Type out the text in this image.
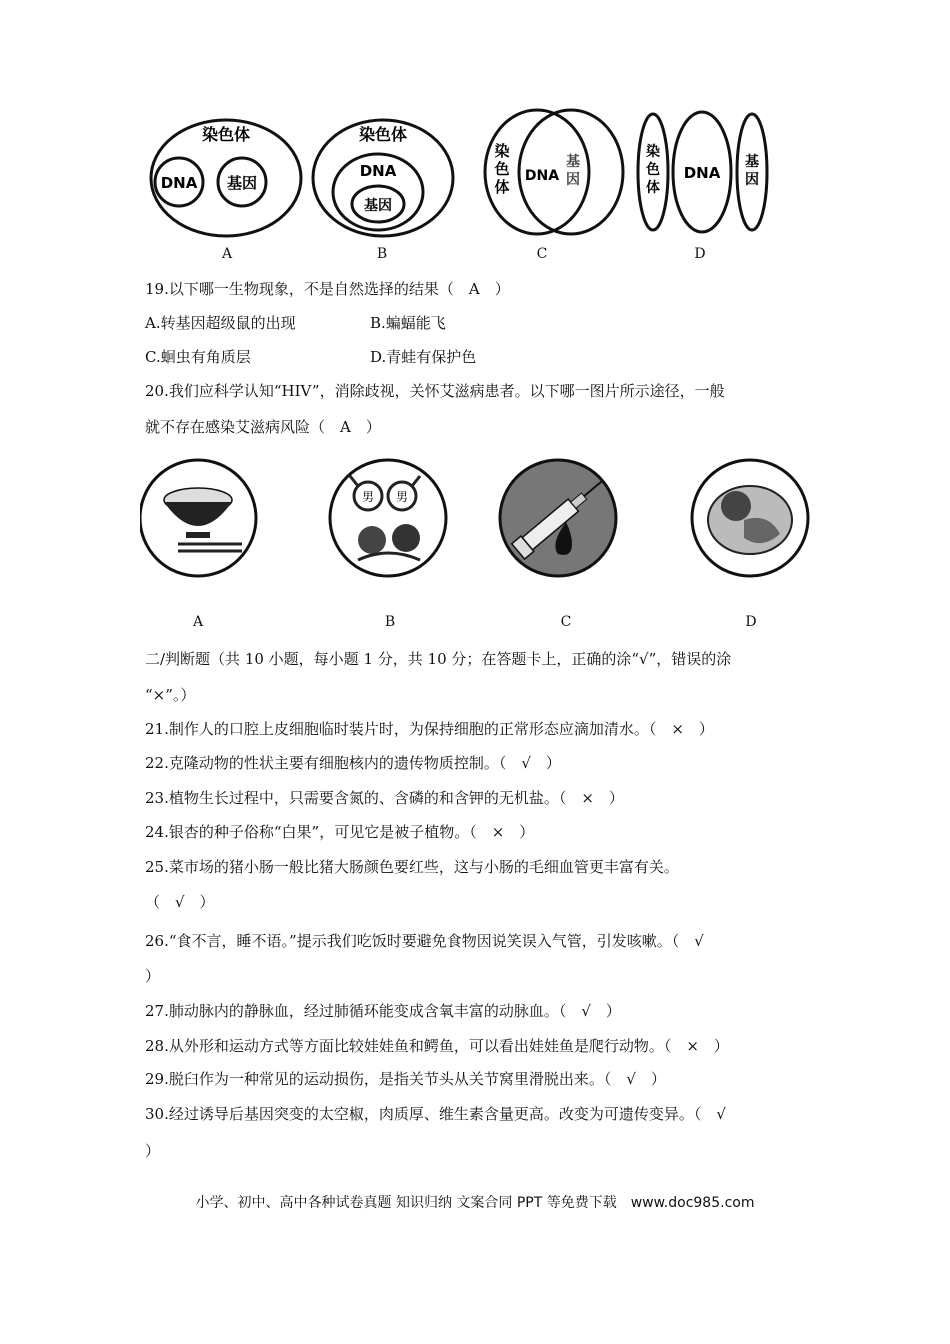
染色体
DNA 基因
染色体
DNA
基因
染
色
体
DNA
基
因
染
色
体
DNA
基
因
A	B	C	D
19.以下哪一生物现象，不是自然选择的结果（　A　）
A.转基因超级鼠的出现	B.蝙蝠能飞
C.蛔虫有角质层	D.青蛙有保护色
20.我们应科学认知“HIV”，消除歧视，关怀艾滋病患者。以下哪一图片所示途径，一般
就不存在感染艾滋病风险（　A　）
男 男
A	B	C	D
二/判断题（共 10 小题，每小题 1 分，共 10 分；在答题卡上，正确的涂“√”，错误的涂
“×”。）
21.制作人的口腔上皮细胞临时装片时，为保持细胞的正常形态应滴加清水。（　×　）
22.克隆动物的性状主要有细胞核内的遗传物质控制。（　√　）
23.植物生长过程中，只需要含氮的、含磷的和含钾的无机盐。（　×　）
24.银杏的种子俗称“白果”，可见它是被子植物。（　×　）
25.菜市场的猪小肠一般比猪大肠颜色要红些，这与小肠的毛细血管更丰富有关。
（　√　）
26.“食不言，睡不语。”提示我们吃饭时要避免食物因说笑误入气管，引发咳嗽。（　√
）
27.肺动脉内的静脉血，经过肺循环能变成含氧丰富的动脉血。（　√　）
28.从外形和运动方式等方面比较娃娃鱼和鳄鱼，可以看出娃娃鱼是爬行动物。（　×　）
29.脱臼作为一种常见的运动损伤，是指关节头从关节窝里滑脱出来。（　√　）
30.经过诱导后基因突变的太空椒，肉质厚、维生素含量更高。改变为可遗传变异。（　√
）
小学、初中、高中各种试卷真题 知识归纳 文案合同 PPT 等免费下载　www.doc985.com
